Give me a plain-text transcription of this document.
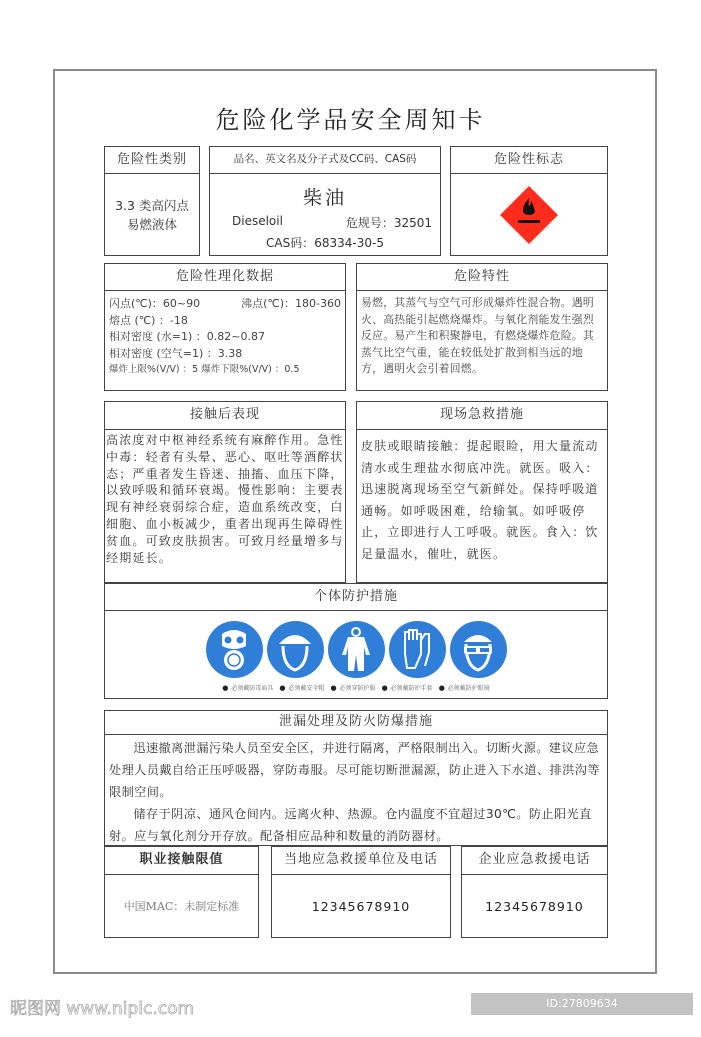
危险化学品安全周知卡
危险性类别
3.3 类高闪点
易燃液体
品名、英文名及分子式及CC码、CAS码
柴油
Dieseloil	危规号：32501
CAS码：68334-30-5
危险性标志
危险性理化数据
闪点(℃)：60~90	沸点(℃)：180-360
熔点 (℃) ：-18
相对密度 (水=1) ：0.82~0.87
相对密度 (空气=1) ：3.38
爆炸上限%(V/V) ：5 爆炸下限%(V/V) ：0.5
危险特性
易燃，其蒸气与空气可形成爆炸性混合物。遇明火、高热能引起燃烧爆炸。与氧化剂能发生强烈反应。易产生和积聚静电，有燃烧爆炸危险。其蒸气比空气重，能在较低处扩散到相当远的地方，遇明火会引着回燃。
接触后表现
高浓度对中枢神经系统有麻醉作用。急性中毒：轻者有头晕、恶心、呕吐等酒醉状态；严重者发生昏迷、抽搐、血压下降，以致呼吸和循环衰竭。慢性影响：主要表现有神经衰弱综合症，造血系统改变，白细胞、血小板减少，重者出现再生障碍性贫血。可致皮肤损害。可致月经量增多与经期延长。
现场急救措施
皮肤或眼睛接触：提起眼睑，用大量流动清水或生理盐水彻底冲洗。就医。吸入：迅速脱离现场至空气新鲜处。保持呼吸道通畅。如呼吸困难，给输氧。如呼吸停止，立即进行人工呼吸。就医。食入：饮足量温水，催吐，就医。
个体防护措施
● 必须戴防毒面具	● 必须戴安全帽	● 必须穿防护服	● 必须戴防护手套	● 必须戴防护眼镜
泄漏处理及防火防爆措施
迅速撤离泄漏污染人员至安全区，并进行隔离，严格限制出入。切断火源。建议应急处理人员戴自给正压呼吸器，穿防毒服。尽可能切断泄漏源，防止进入下水道、排洪沟等限制空间。
储存于阴凉、通风仓间内。远离火种、热源。仓内温度不宜超过30℃。防止阳光直射。应与氧化剂分开存放。配备相应品种和数量的消防器材。
职业接触限值
中国MAC：未制定标准
当地应急救援单位及电话
12345678910
企业应急救援电话
12345678910
昵图网 www.nipic.com	ID:27809634 NO:20210804164230543103
